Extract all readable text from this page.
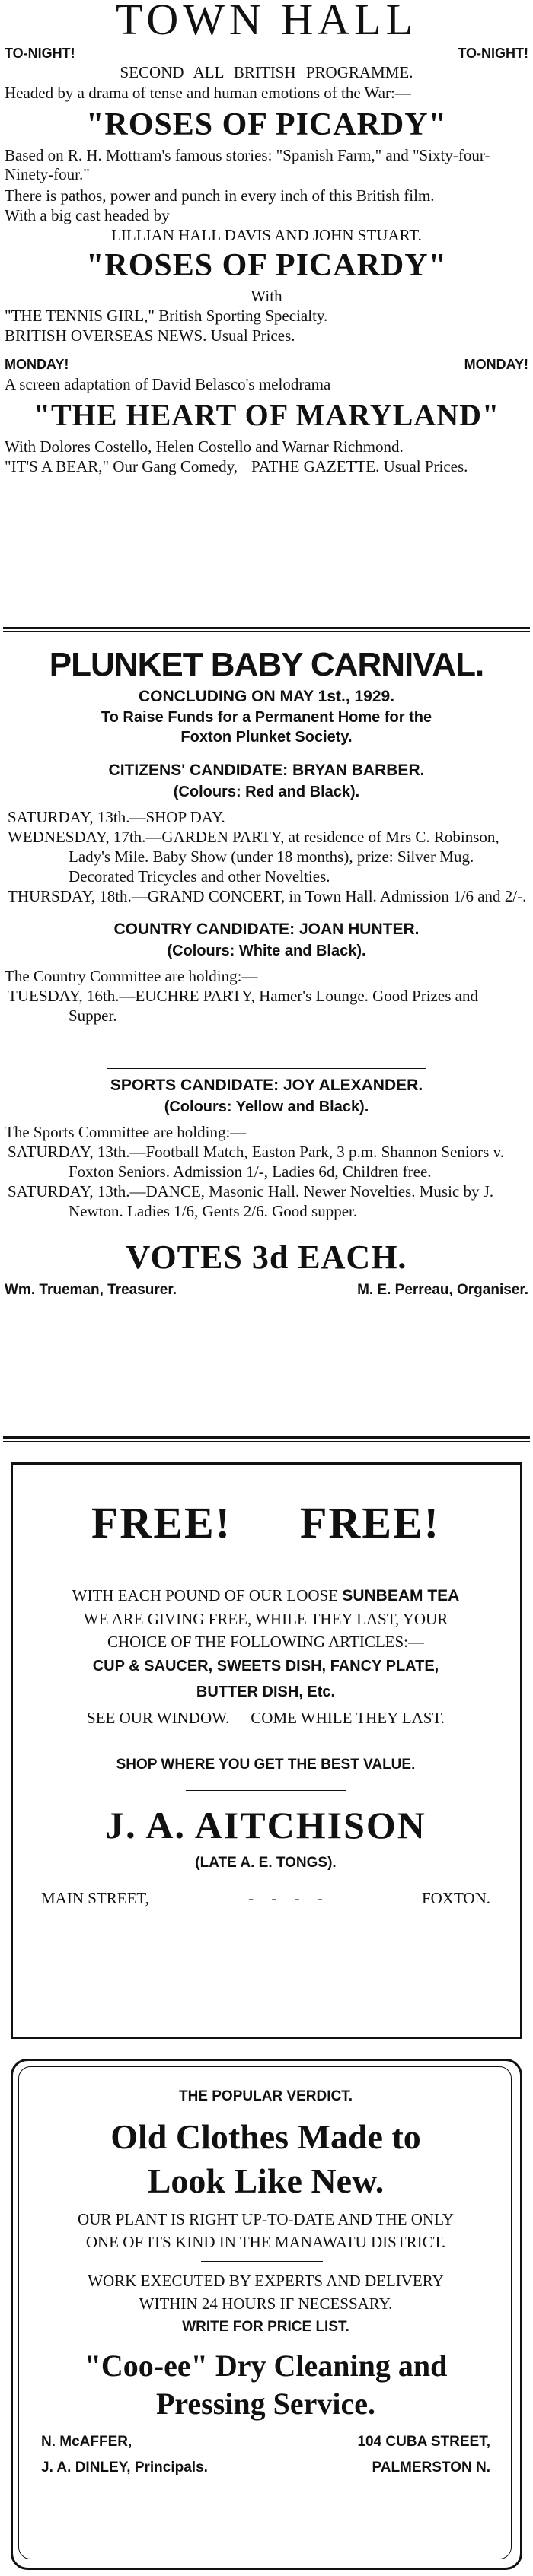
TOWN HALL
TO-NIGHT!	TO-NIGHT!
SECOND ALL BRITISH PROGRAMME.
Headed by a drama of tense and human emotions of the War:—
"ROSES OF PICARDY"
Based on R. H. Mottram's famous stories: "Spanish Farm," and "Sixty-four-Ninety-four."
There is pathos, power and punch in every inch of this British film.
With a big cast headed by
LILLIAN HALL DAVIS AND JOHN STUART.
"ROSES OF PICARDY"
With
"THE TENNIS GIRL," British Sporting Specialty.
BRITISH OVERSEAS NEWS. Usual Prices.
MONDAY!	MONDAY!
A screen adaptation of David Belasco's melodrama
"THE HEART OF MARYLAND"
With Dolores Costello, Helen Costello and Warnar Richmond.
"IT'S A BEAR," Our Gang Comedy, PATHE GAZETTE. Usual Prices.
PLUNKET BABY CARNIVAL.
CONCLUDING ON MAY 1st., 1929.
To Raise Funds for a Permanent Home for the
Foxton Plunket Society.
CITIZENS' CANDIDATE: BRYAN BARBER.
(Colours: Red and Black).
SATURDAY, 13th.—SHOP DAY.
WEDNESDAY, 17th.—GARDEN PARTY, at residence of Mrs C. Robinson, Lady's Mile. Baby Show (under 18 months), prize: Silver Mug. Decorated Tricycles and other Novelties.
THURSDAY, 18th.—GRAND CONCERT, in Town Hall. Admission 1/6 and 2/-.
COUNTRY CANDIDATE: JOAN HUNTER.
(Colours: White and Black).
The Country Committee are holding:—
TUESDAY, 16th.—EUCHRE PARTY, Hamer's Lounge. Good Prizes and Supper.
SPORTS CANDIDATE: JOY ALEXANDER.
(Colours: Yellow and Black).
The Sports Committee are holding:—
SATURDAY, 13th.—Football Match, Easton Park, 3 p.m. Shannon Seniors v. Foxton Seniors. Admission 1/-, Ladies 6d, Children free.
SATURDAY, 13th.—DANCE, Masonic Hall. Newer Novelties. Music by J. Newton. Ladies 1/6, Gents 2/6. Good supper.
VOTES 3d EACH.
Wm. Trueman, Treasurer.	M. E. Perreau, Organiser.
FREE! FREE!
WITH EACH POUND OF OUR LOOSE SUNBEAM TEA
WE ARE GIVING FREE, WHILE THEY LAST, YOUR
CHOICE OF THE FOLLOWING ARTICLES:—
CUP & SAUCER, SWEETS DISH, FANCY PLATE,
BUTTER DISH, Etc.
SEE OUR WINDOW. COME WHILE THEY LAST.
SHOP WHERE YOU GET THE BEST VALUE.
J. A. AITCHISON
(LATE A. E. TONGS).
MAIN STREET,	- - - -	FOXTON.
THE POPULAR VERDICT.
Old Clothes Made to
Look Like New.
OUR PLANT IS RIGHT UP-TO-DATE AND THE ONLY
ONE OF ITS KIND IN THE MANAWATU DISTRICT.
WORK EXECUTED BY EXPERTS AND DELIVERY
WITHIN 24 HOURS IF NECESSARY.
WRITE FOR PRICE LIST.
"Coo-ee" Dry Cleaning and
Pressing Service.
N. McAFFER,	104 CUBA STREET,
J. A. DINLEY, Principals.	PALMERSTON N.
